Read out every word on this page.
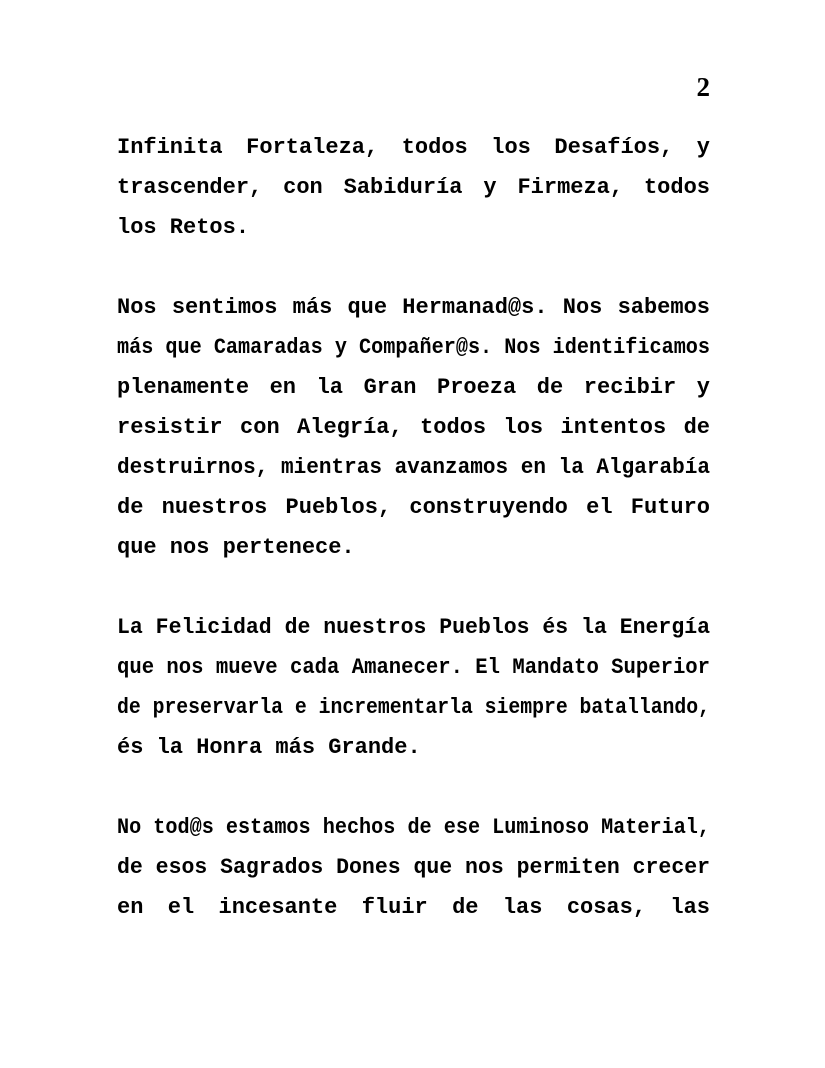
2
Infinita Fortaleza, todos los Desafíos, y
trascender, con Sabiduría y Firmeza, todos
los Retos.
Nos sentimos más que Hermanad@s. Nos sabemos
más que Camaradas y Compañer@s. Nos identificamos
plenamente en la Gran Proeza de recibir y
resistir con Alegría, todos los intentos de
destruirnos, mientras avanzamos en la Algarabía
de nuestros Pueblos, construyendo el Futuro
que nos pertenece.
La Felicidad de nuestros Pueblos és la Energía
que nos mueve cada Amanecer. El Mandato Superior
de preservarla e incrementarla siempre batallando,
és la Honra más Grande.
No tod@s estamos hechos de ese Luminoso Material,
de esos Sagrados Dones que nos permiten crecer
en el incesante fluir de las cosas, las
